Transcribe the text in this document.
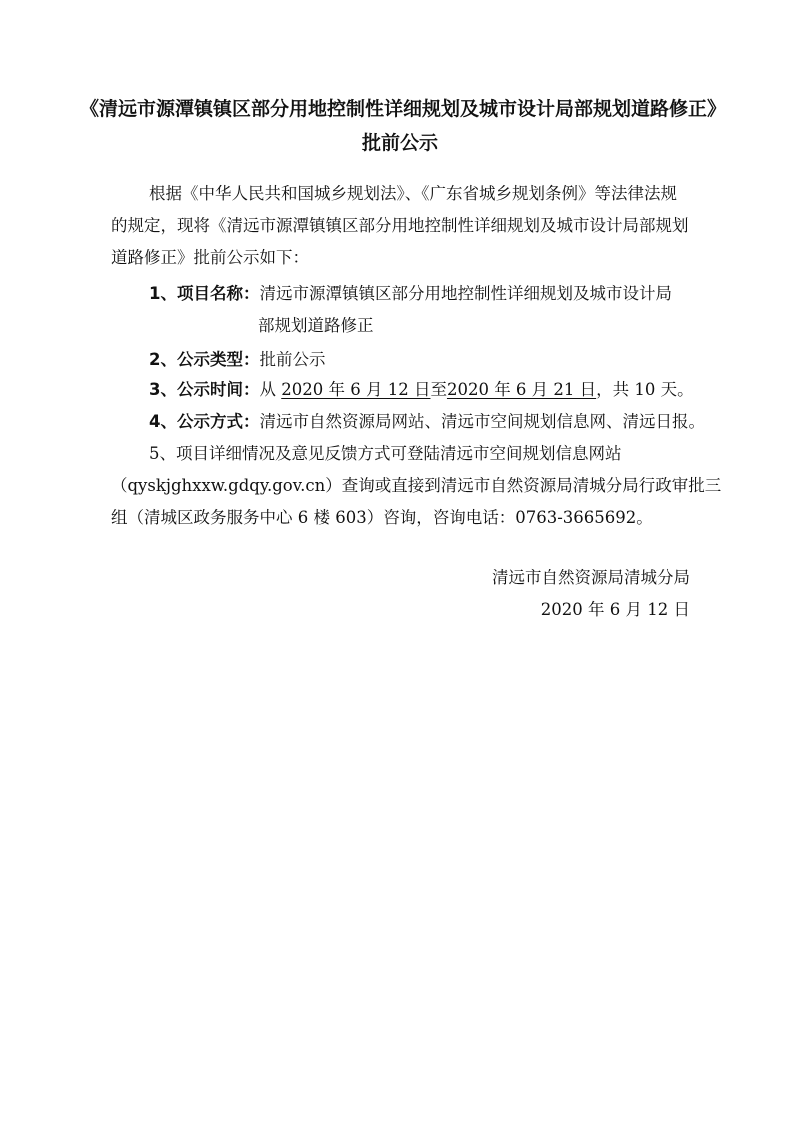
《清远市源潭镇镇区部分用地控制性详细规划及城市设计局部规划道路修正》
批前公示
根据《中华人民共和国城乡规划法》、《广东省城乡规划条例》等法律法规
的规定，现将《清远市源潭镇镇区部分用地控制性详细规划及城市设计局部规划
道路修正》批前公示如下：
1、项目名称：清远市源潭镇镇区部分用地控制性详细规划及城市设计局
部规划道路修正
2、公示类型：批前公示
3、公示时间：从 2020 年 6 月 12 日至2020 年 6 月 21 日，共 10 天。
4、公示方式：清远市自然资源局网站、清远市空间规划信息网、清远日报。
5、项目详细情况及意见反馈方式可登陆清远市空间规划信息网站
（qyskjghxxw.gdqy.gov.cn）查询或直接到清远市自然资源局清城分局行政审批三
组（清城区政务服务中心 6 楼 603）咨询，咨询电话：0763-3665692。
清远市自然资源局清城分局
2020 年 6 月 12 日
